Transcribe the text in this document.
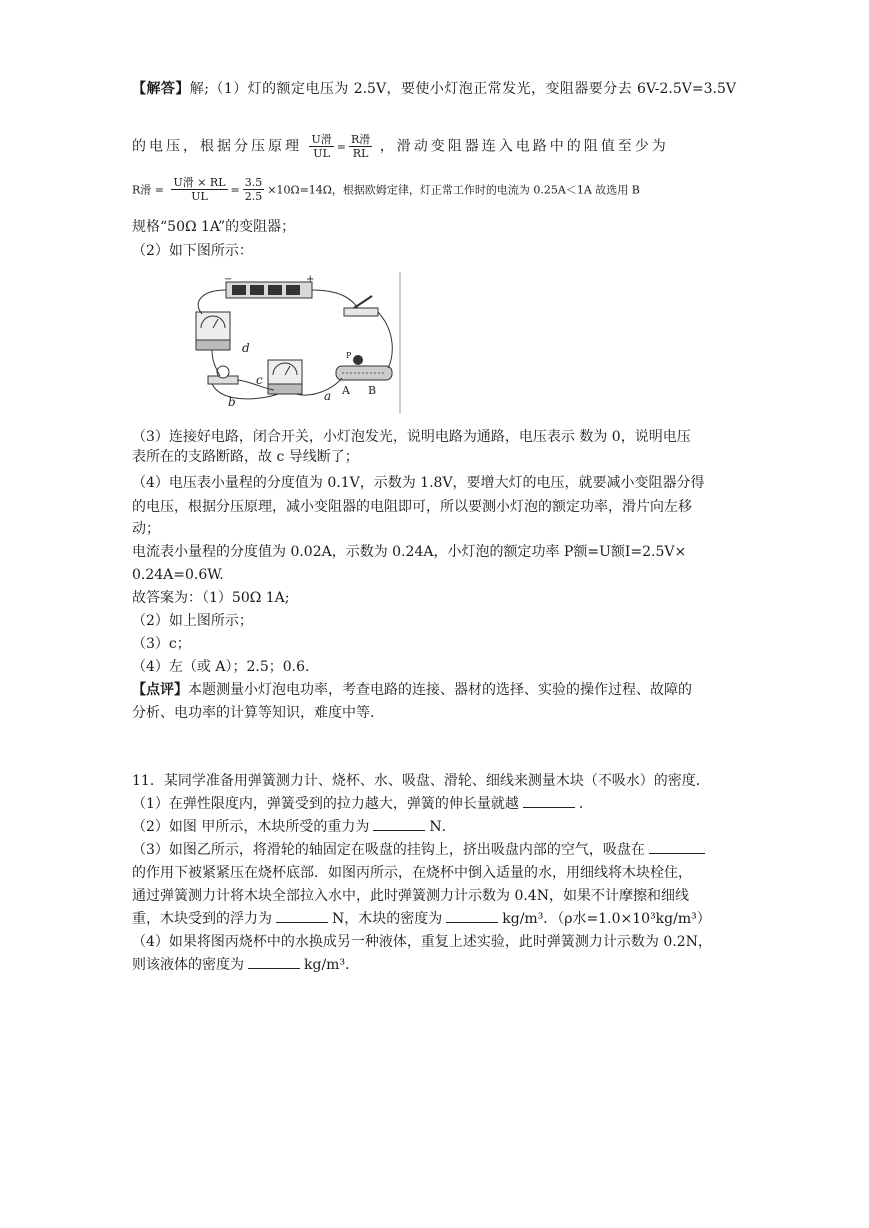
【解答】解;（1）灯的额定电压为 2.5V，要使小灯泡正常发光，变阻器要分去 6V-2.5V=3.5V
的电压，根据分压原理 $\frac{\text{U滑}}{UL} = \frac{\text{R滑}}{RL}$ ，滑动变阻器连入电路中的阻值至少为
R滑 = $\frac{\text{U滑 × RL}}{UL} = \frac{3.5}{2.5} \times 10\Omega=14\Omega$，根据欧姆定律，灯正常工作时的电流为 0.25A＜1A 故选用 B
规格“50Ω 1A”的变阻器；
（2）如下图所示：
（3）连接好电路，闭合开关，小灯泡发光，说明电路为通路，电压表示 数为 0，说明电压
表所在的支路断路，故 c 导线断了；
（4）电压表小量程的分度值为 0.1V，示数为 1.8V，要增大灯的电压，就要减小变阻器分得
的电压，根据分压原理，减小变阻器的电阻即可，所以要测小灯泡的额定功率，滑片向左移
动；
电流表小量程的分度值为 0.02A，示数为 0.24A，小灯泡的额定功率 P额=U额I=2.5V×
0.24A=0.6W.
故答案为：（1）50Ω 1A;
（2）如上图所示；
（3）c；
（4）左（或 A）；2.5；0.6.
【点评】本题测量小灯泡电功率，考查电路的连接、器材的选择、实验的操作过程、故障的
分析、电功率的计算等知识，难度中等.
11．某同学准备用弹簧测力计、烧杯、水、吸盘、滑轮、细线来测量木块（不吸水）的密度．
（1）在弹性限度内，弹簧受到的拉力越大，弹簧的伸长量就越	．
（2）如图 甲所示，木块所受的重力为	N．
（3）如图乙所示，将滑轮的轴固定在吸盘的挂钩上，挤出吸盘内部的空气，吸盘在
的作用下被紧紧压在烧杯底部．如图丙所示，在烧杯中倒入适量的水，用细线将木块栓住，
通过弹簧测力计将木块全部拉入水中，此时弹簧测力计示数为 0.4N，如果不计摩擦和细线
重，木块受到的浮力为	N，木块的密度为	kg/m³．（ρ水=1.0×10³kg/m³）
（4）如果将图丙烧杯中的水换成另一种液体，重复上述实验，此时弹簧测力计示数为 0.2N，
则该液体的密度为	kg/m³.
−	+
d
c
b	a
P
A B
